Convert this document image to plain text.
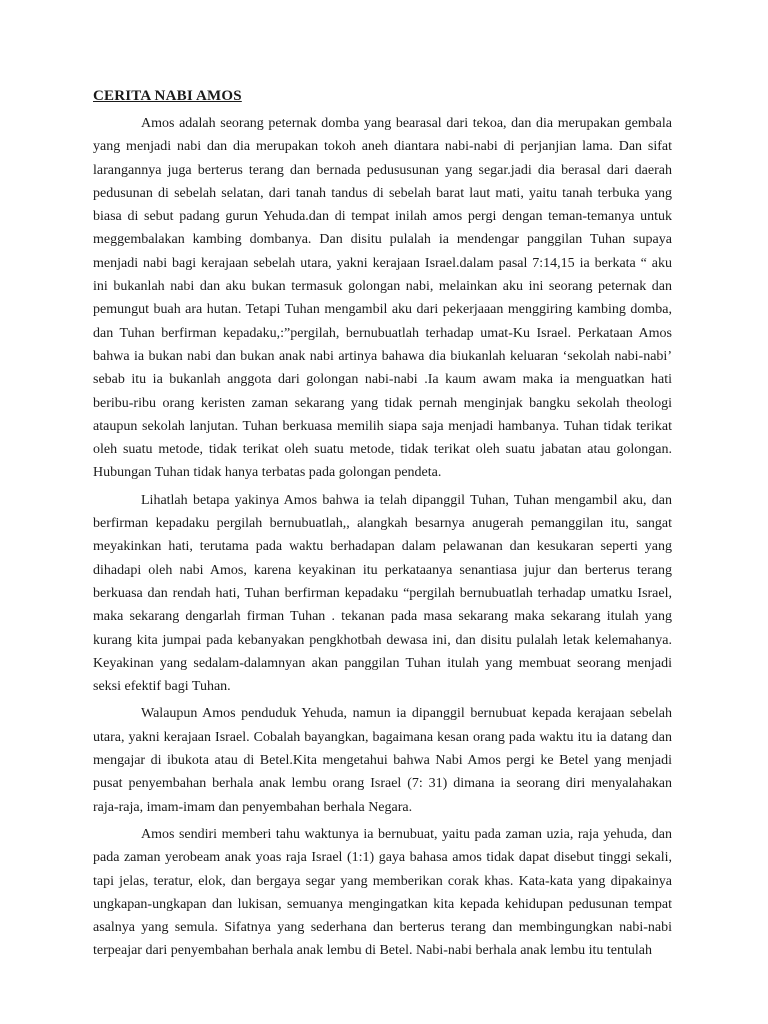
CERITA NABI AMOS
Amos adalah seorang peternak domba yang bearasal dari tekoa, dan dia merupakan gembala
yang menjadi nabi dan dia merupakan tokoh aneh diantara nabi-nabi di perjanjian lama. Dan sifat
larangannya juga berterus terang dan bernada pedususunan yang segar.jadi dia berasal dari daerah
pedusunan di sebelah selatan, dari tanah tandus di sebelah barat laut mati, yaitu tanah terbuka yang
biasa di sebut padang gurun Yehuda.dan di tempat inilah amos pergi dengan teman-temanya untuk
meggembalakan kambing dombanya. Dan disitu pulalah ia mendengar panggilan Tuhan supaya
menjadi nabi bagi kerajaan sebelah utara, yakni kerajaan Israel.dalam pasal 7:14,15 ia berkata “ aku
ini bukanlah nabi dan aku bukan termasuk golongan nabi, melainkan aku ini seorang peternak dan
pemungut buah ara hutan. Tetapi Tuhan mengambil aku dari pekerjaaan menggiring kambing domba,
dan Tuhan berfirman kepadaku,:”pergilah, bernubuatlah terhadap umat-Ku Israel. Perkataan Amos
bahwa ia bukan nabi dan bukan anak nabi artinya bahawa dia biukanlah keluaran ‘sekolah nabi-nabi’
sebab itu ia bukanlah anggota dari golongan nabi-nabi .Ia kaum awam maka ia menguatkan hati
beribu-ribu orang keristen zaman sekarang yang tidak pernah menginjak bangku sekolah theologi
ataupun sekolah lanjutan. Tuhan berkuasa memilih siapa saja menjadi hambanya. Tuhan tidak terikat
oleh suatu metode, tidak terikat oleh suatu metode, tidak terikat oleh suatu jabatan atau golongan.
Hubungan Tuhan tidak hanya terbatas pada golongan pendeta.
Lihatlah betapa yakinya Amos bahwa ia telah dipanggil Tuhan, Tuhan mengambil aku, dan
berfirman kepadaku pergilah bernubuatlah,, alangkah besarnya anugerah pemanggilan itu, sangat
meyakinkan hati, terutama pada waktu berhadapan dalam pelawanan dan kesukaran seperti yang
dihadapi oleh nabi Amos, karena keyakinan itu perkataanya senantiasa jujur dan berterus terang
berkuasa dan rendah hati, Tuhan berfirman kepadaku “pergilah bernubuatlah terhadap umatku Israel,
maka sekarang dengarlah firman Tuhan . tekanan pada masa sekarang maka sekarang itulah yang
kurang kita jumpai pada kebanyakan pengkhotbah dewasa ini, dan disitu pulalah letak kelemahanya.
Keyakinan yang sedalam-dalamnyan akan panggilan Tuhan itulah yang membuat seorang menjadi
seksi efektif bagi Tuhan.
Walaupun Amos penduduk Yehuda, namun ia dipanggil bernubuat kepada kerajaan sebelah
utara, yakni kerajaan Israel. Cobalah bayangkan, bagaimana kesan orang pada waktu itu ia datang dan
mengajar di ibukota atau di Betel.Kita mengetahui bahwa Nabi Amos pergi ke Betel yang menjadi
pusat penyembahan berhala anak lembu orang Israel (7: 31) dimana ia seorang diri menyalahakan
raja-raja, imam-imam dan penyembahan berhala Negara.
Amos sendiri memberi tahu waktunya ia bernubuat, yaitu pada zaman uzia, raja yehuda, dan
pada zaman yerobeam anak yoas raja Israel (1:1) gaya bahasa amos tidak dapat disebut tinggi sekali,
tapi jelas, teratur, elok, dan bergaya segar yang memberikan corak khas. Kata-kata yang dipakainya
ungkapan-ungkapan dan lukisan, semuanya mengingatkan kita kepada kehidupan pedusunan tempat
asalnya yang semula. Sifatnya yang sederhana dan berterus terang dan membingungkan nabi-nabi
terpeajar dari penyembahan berhala anak lembu di Betel. Nabi-nabi berhala anak lembu itu tentulah
